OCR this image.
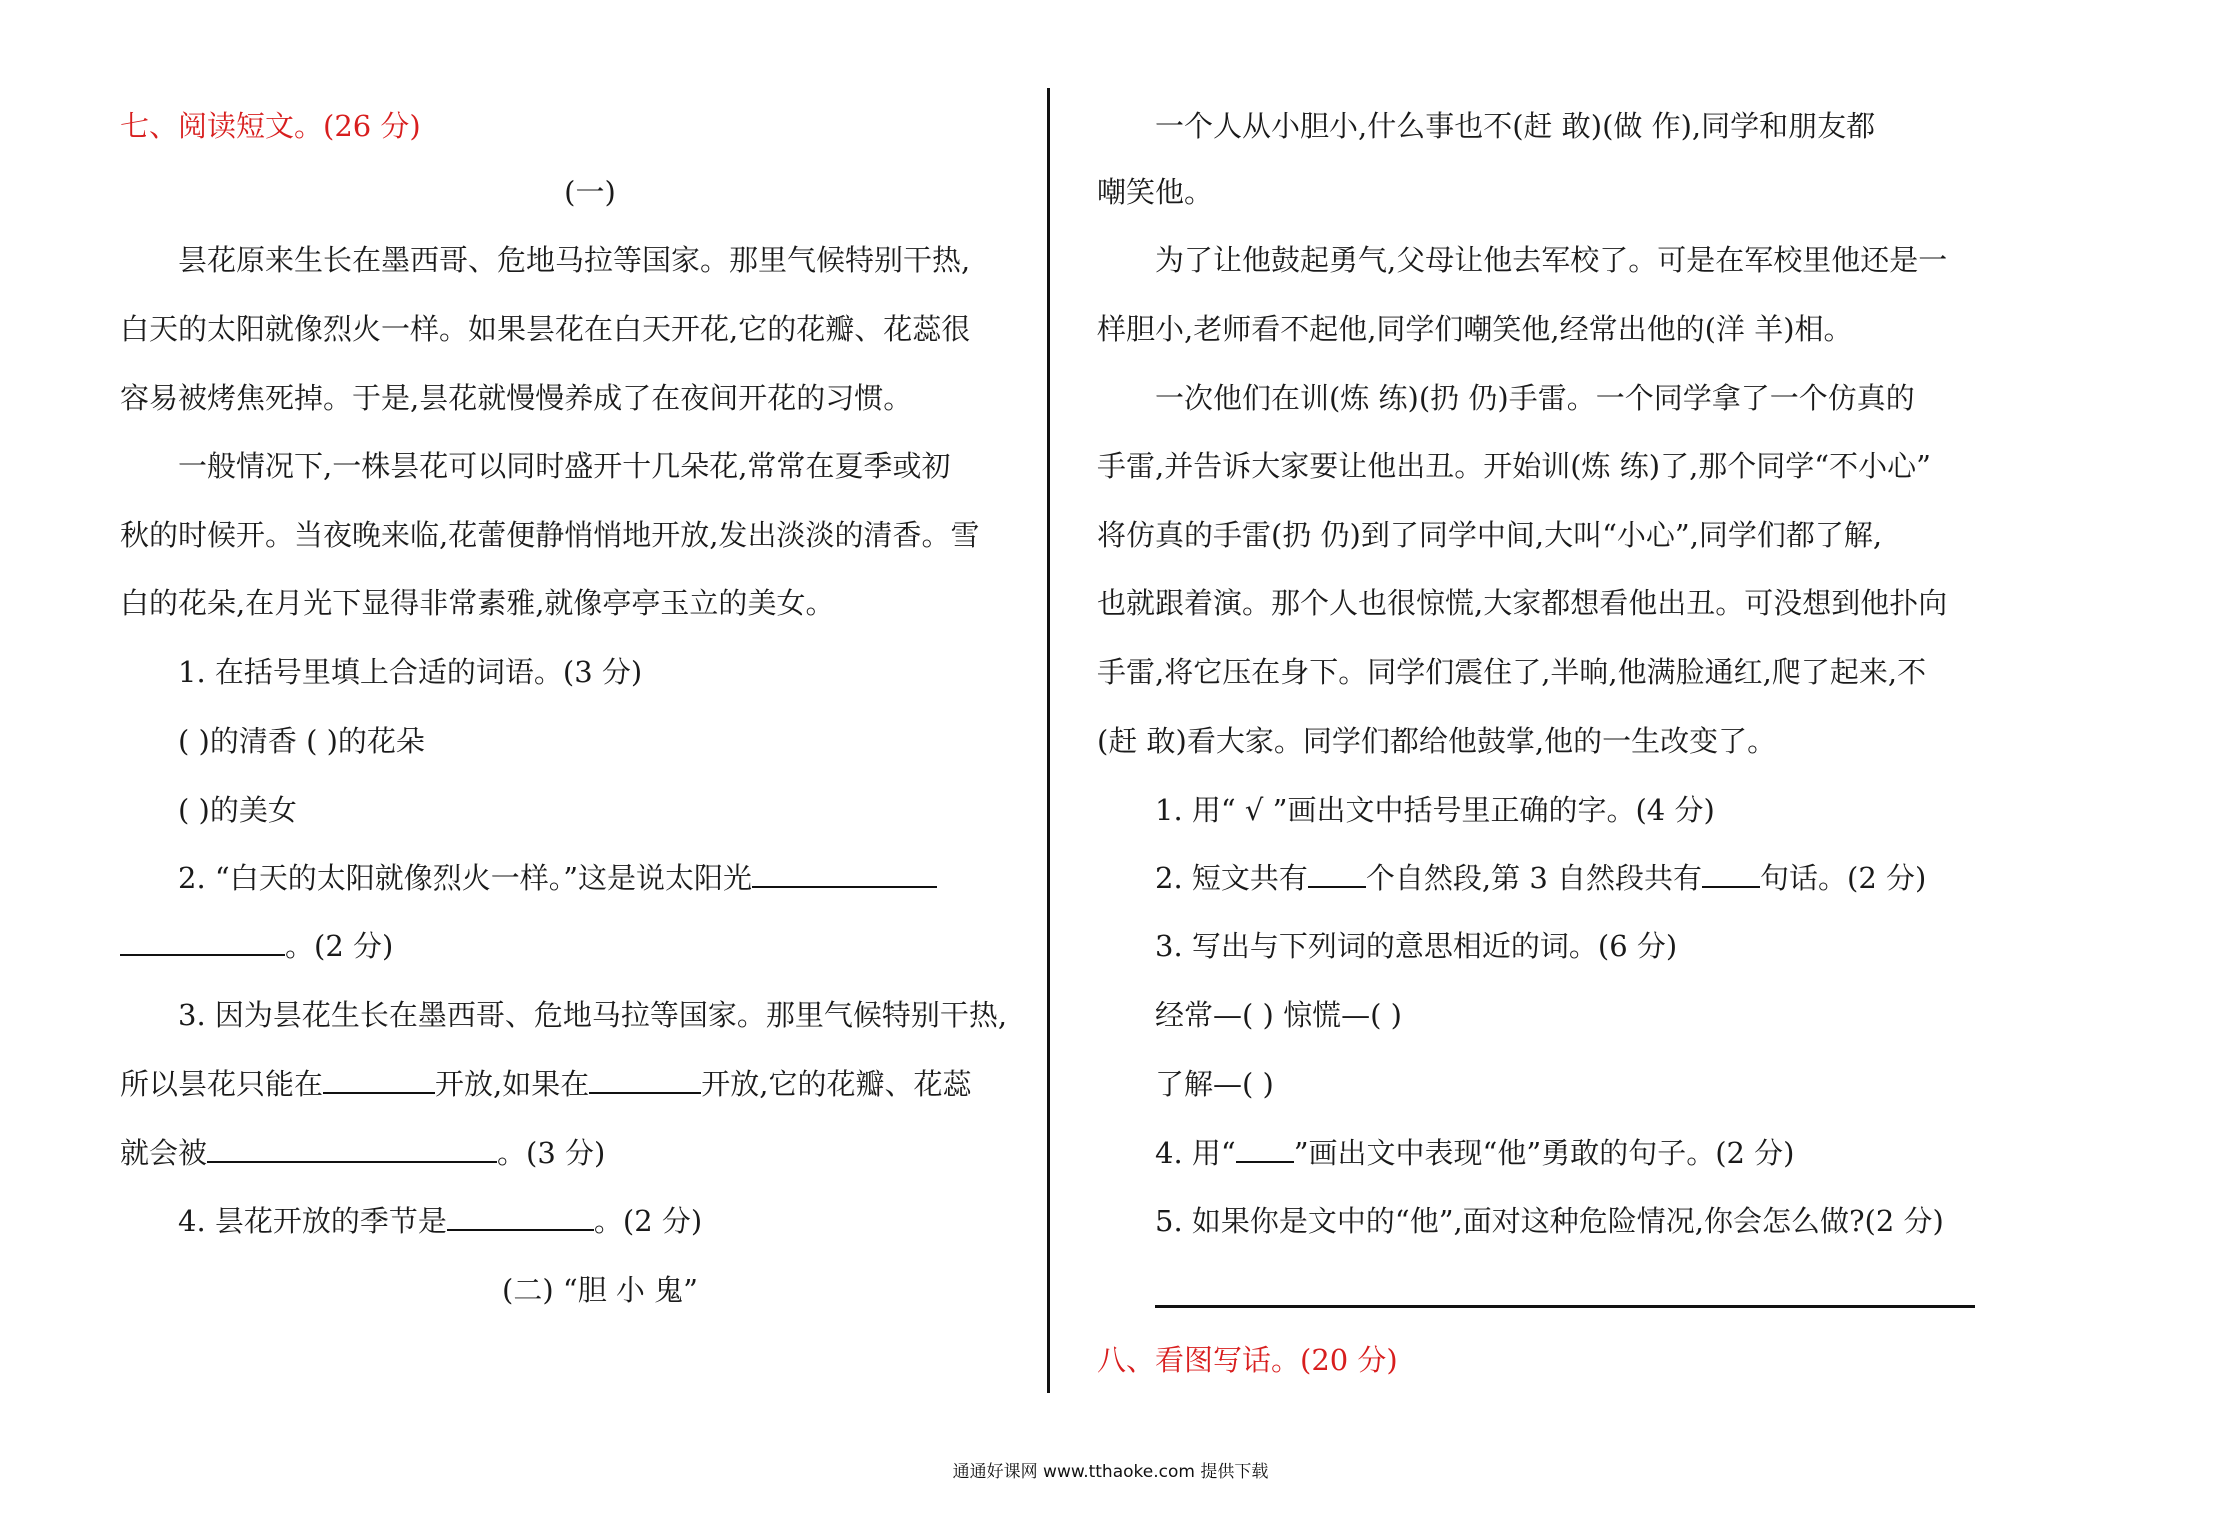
七、阅读短文。(26 分)
(一)
昙花原来生长在墨西哥、危地马拉等国家。那里气候特别干热,
白天的太阳就像烈火一样。如果昙花在白天开花,它的花瓣、花蕊很
容易被烤焦死掉。于是,昙花就慢慢养成了在夜间开花的习惯。
一般情况下,一株昙花可以同时盛开十几朵花,常常在夏季或初
秋的时候开。当夜晚来临,花蕾便静悄悄地开放,发出淡淡的清香。雪
白的花朵,在月光下显得非常素雅,就像亭亭玉立的美女。
1. 在括号里填上合适的词语。(3 分)
( )的清香 ( )的花朵
( )的美女
2. “白天的太阳就像烈火一样。”这是说太阳光
。(2 分)
3. 因为昙花生长在墨西哥、危地马拉等国家。那里气候特别干热,
所以昙花只能在	开放,如果在	开放,它的花瓣、花蕊
就会被	。(3 分)
4. 昙花开放的季节是	。(2 分)
(二) “胆 小 鬼”
一个人从小胆小,什么事也不(赶 敢)(做 作),同学和朋友都
嘲笑他。
为了让他鼓起勇气,父母让他去军校了。可是在军校里他还是一
样胆小,老师看不起他,同学们嘲笑他,经常出他的(洋 羊)相。
一次他们在训(炼 练)(扔 仍)手雷。一个同学拿了一个仿真的
手雷,并告诉大家要让他出丑。开始训(炼 练)了,那个同学“不小心”
将仿真的手雷(扔 仍)到了同学中间,大叫“小心”,同学们都了解,
也就跟着演。那个人也很惊慌,大家都想看他出丑。可没想到他扑向
手雷,将它压在身下。同学们震住了,半晌,他满脸通红,爬了起来,不
(赶 敢)看大家。同学们都给他鼓掌,他的一生改变了。
1. 用“ √ ”画出文中括号里正确的字。(4 分)
2. 短文共有 个自然段,第 3 自然段共有 句话。(2 分)
3. 写出与下列词的意思相近的词。(6 分)
经常—( ) 惊慌—( )
了解—( )
4. 用“ ”画出文中表现“他”勇敢的句子。(2 分)
5. 如果你是文中的“他”,面对这种危险情况,你会怎么做?(2 分)
八、看图写话。(20 分)
通通好课网 www.tthaoke.com 提供下载
